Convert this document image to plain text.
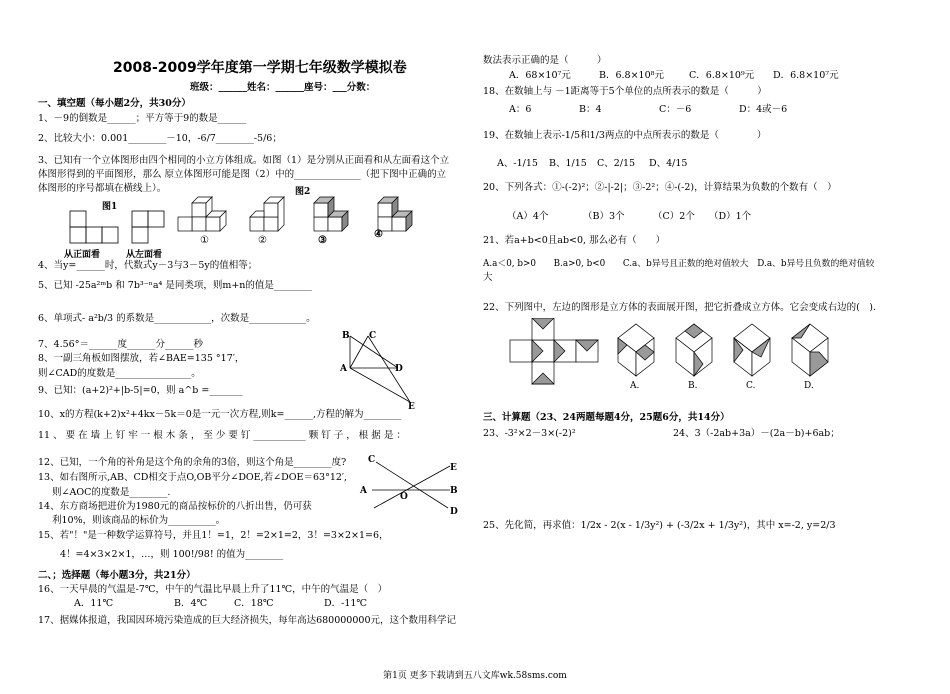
2008-2009学年度第一学期七年级数学模拟卷
班级：______姓名：______座号：___分数：
一、填空题（每小题2分，共30分）
1、－9的倒数是______；平方等于9的数是______
2、比较大小：0.001________－10，-6/7________-5/6；
3、已知有一个立体图形由四个相同的小立方体组成。如图（1）是分别从正面看和从左面看这个立
体图形得到的平面图形，那么 原立体图形可能是图（2）中的______________（把下图中正确的立
体图形的序号都填在横线上）。
4、当y=______时，代数式y－3与3－5y的值相等；
5、已知 -25a²ᵐb 和 7b³⁻ⁿa⁴ 是同类项，则m+n的值是________
6、单项式- a²b/3 的系数是____________，次数是____________。
7、4.56°＝______度______分______秒
8、一副三角板如图摆放，若∠BAE=135 °17′，
则∠CAD的度数是________________。
9、已知：(a+2)²+|b-5|=0，则 a^b =_______
10、x的方程(k+2)x²+4kx－5k＝0是一元一次方程,则k=______,方程的解为________
11 、 要 在 墙 上 钉 牢 一 根 木 条 ， 至 少 要 钉 ___________ 颗 钉 子 ， 根 据 是 ：
12、已知，一个角的补角是这个角的余角的3倍，则这个角是________度?
13、如右图所示,AB、CD相交于点O,OB平分∠DOE,若∠DOE＝63°12′,
则∠AOC的度数是________.
14、东方商场把进价为1980元的商品按标价的八折出售，仍可获
利10%，则该商品的标价为__________。
15、若"！"是一种数学运算符号，并且1！=1，2！=2×1=2，3！=3×2×1=6，
4！=4×3×2×1，…，则 100!/98! 的值为________
二、；选择题（每小题3分，共21分）
16、一天早晨的气温是-7℃，中午的气温比早晨上升了11℃，中午的气温是（　）
A．11℃	B．4℃	C．18℃	D．-11℃
17、据媒体报道，我国因环境污染造成的巨大经济损失，每年高达680000000元，这个数用科学记
图1
图2
从正面看	从左面看
①	②	③
④
B C
A	D
E
C
E
A
O
B
D
数法表示正确的是（　　　）
A．68×10⁷元	B．6.8×10⁸元	C．6.8×10⁹元 D．6.8×10⁷元
18、在数轴上与 －1距离等于5个单位的点所表示的数是（　　　）
A：6	B：4	C：－6	D：4或－6
19、在数轴上表示-1/5和1/3两点的中点所表示的数是（　　　　）
A、-1/15 B、1/15 C、2/15 D、4/15
20、下列各式：①-(-2)²；②-|-2|；③-2²；④-(-2)，计算结果为负数的个数有（　）
（A）4个	（B）3个	（C）2个 （D）1个
21、若a+b<0且ab<0, 那么必有（　　）
A.a＜0, b>0　　B.a>0, b<0　　C.a、b异号且正数的绝对值较大　D.a、b异号且负数的绝对值较
大
22、下列图中，左边的图形是立方体的表面展开图，把它折叠成立方体。它会变成右边的(　).
三、计算题（23、24两题每题4分，25题6分，共14分）
23、-3²×2－3×(-2)²	24、3（-2ab+3a）－(2a－b)+6ab；
25、先化简，再求值：1/2x - 2(x - 1/3y²) + (-3/2x + 1/3y²)，其中 x=-2, y=2/3
A.	B.	C.	D.
第1页 更多下载请到五八文库wk.58sms.com
